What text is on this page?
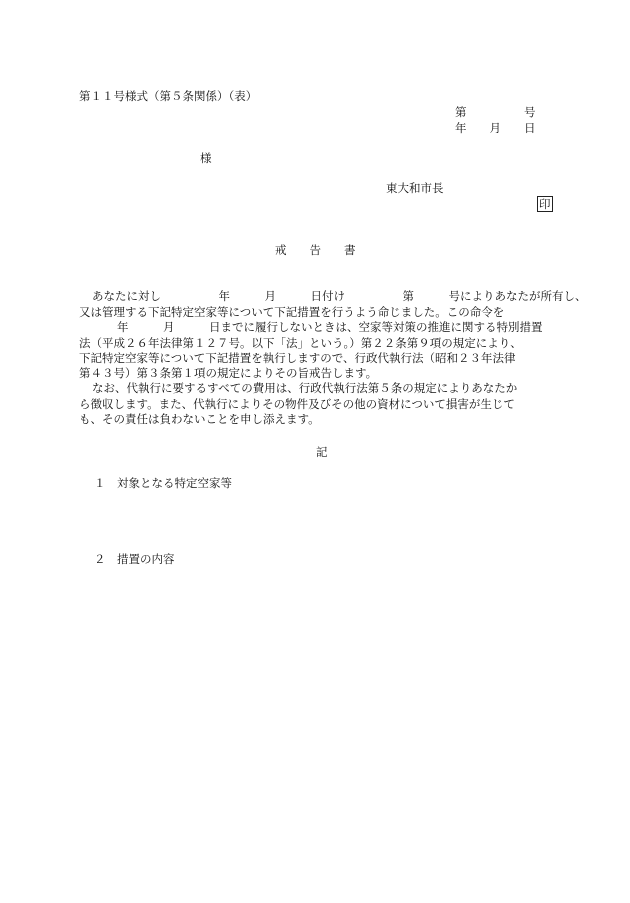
第１１号様式（第５条関係）（表）
第　　　　　号
年　　月　　日
様
東大和市長
印
戒　　告　　書
あなたに対し　　　　　年　　　月　　　日付け　　　　　第　　　号によりあなたが所有し、
又は管理する下記特定空家等について下記措置を行うよう命じました。この命令を
年　　　月　　　日までに履行しないときは、空家等対策の推進に関する特別措置
法（平成２６年法律第１２７号。以下「法」という。）第２２条第９項の規定により、
下記特定空家等について下記措置を執行しますので、行政代執行法（昭和２３年法律
第４３号）第３条第１項の規定によりその旨戒告します。
なお、代執行に要するすべての費用は、行政代執行法第５条の規定によりあなたか
ら徴収します。また、代執行によりその物件及びその他の資材について損害が生じて
も、その責任は負わないことを申し添えます。
記
１ 対象となる特定空家等
２ 措置の内容
